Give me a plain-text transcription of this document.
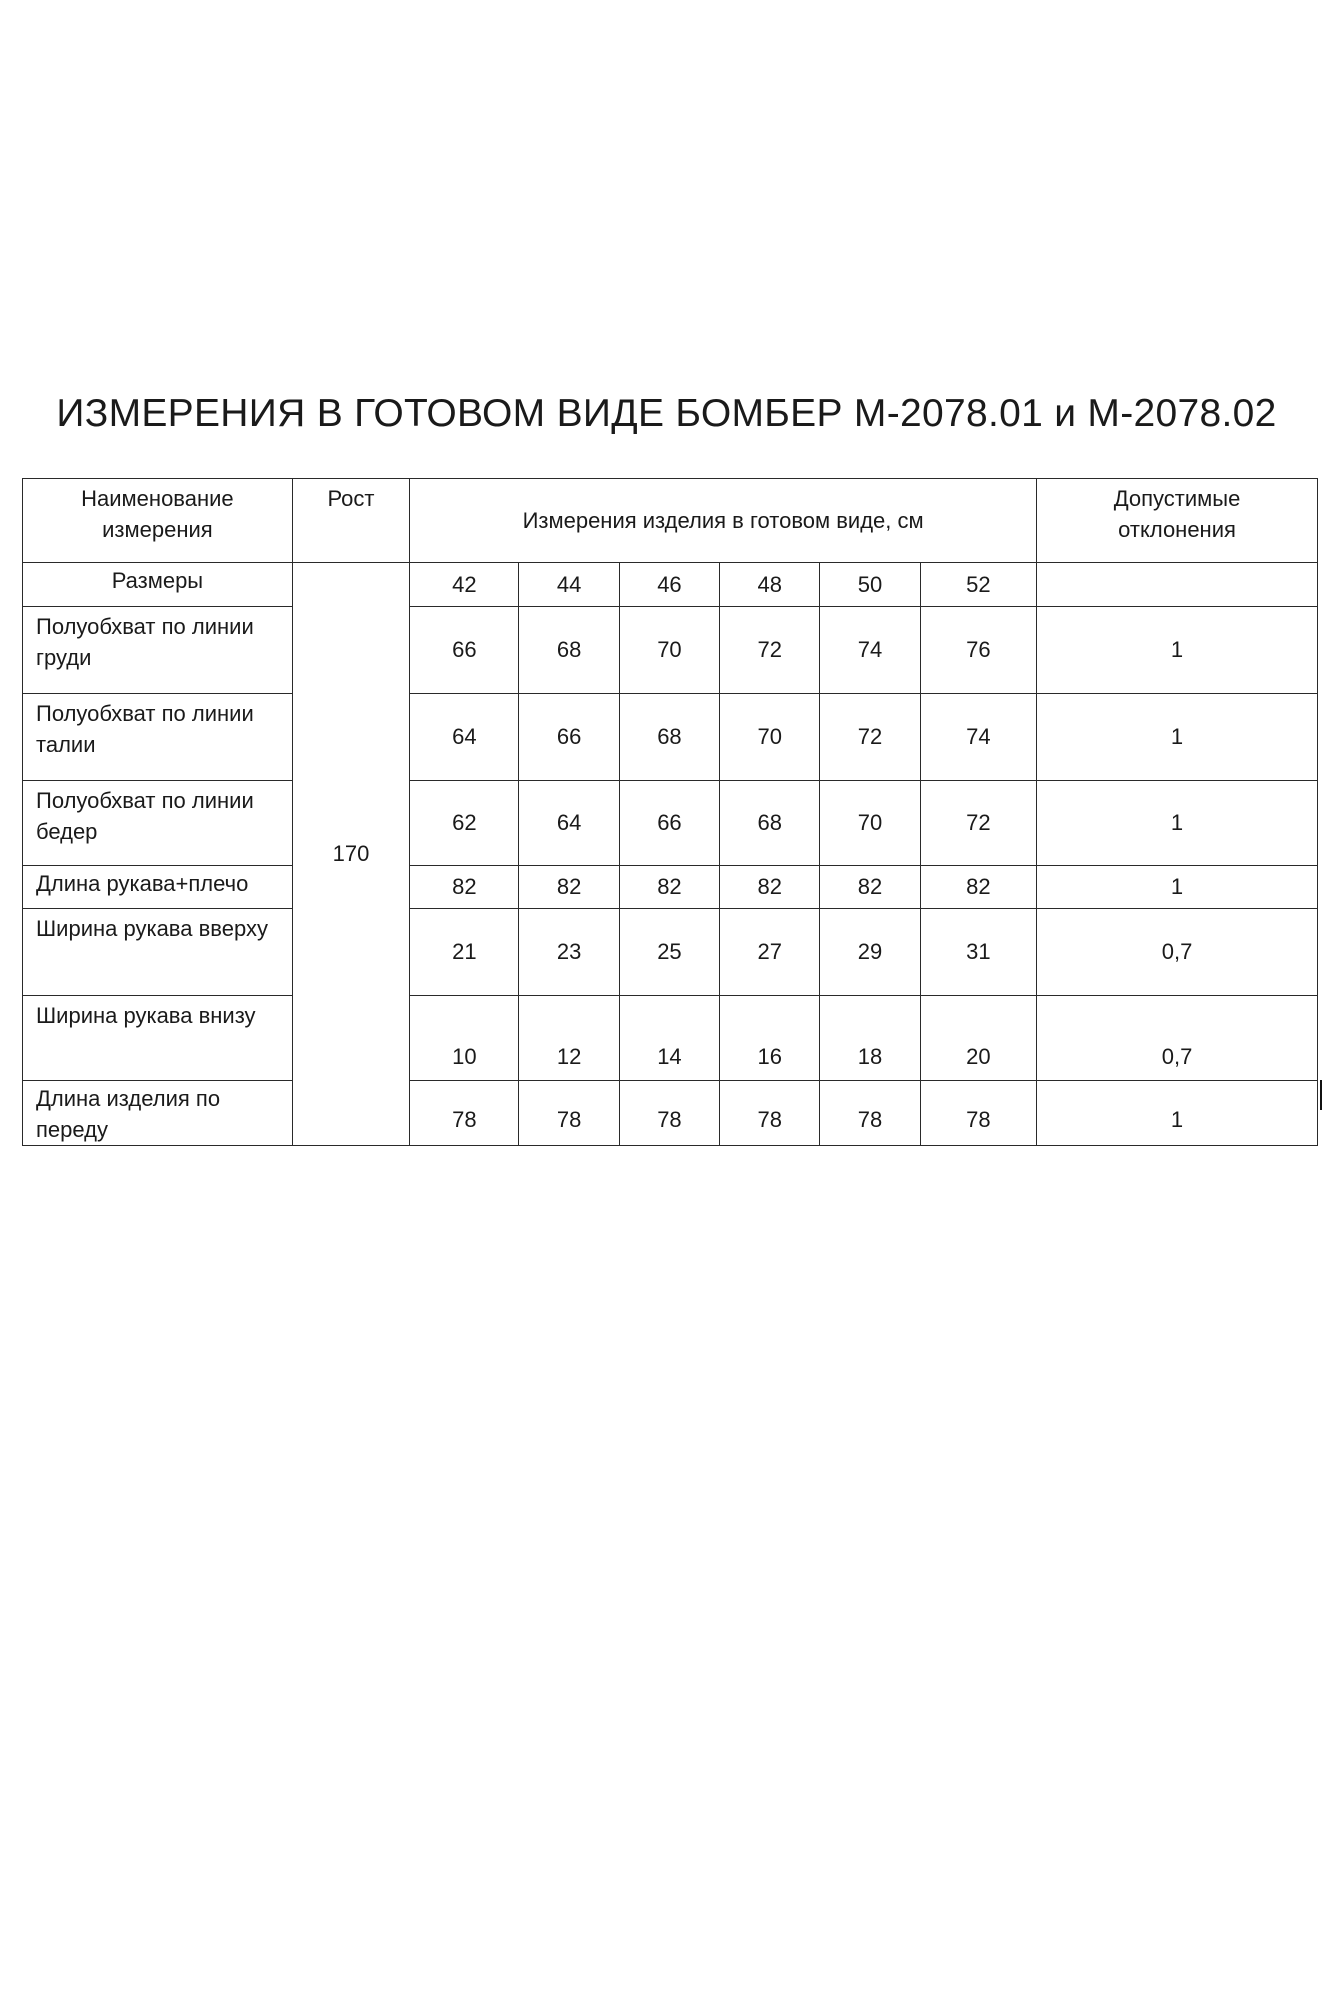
ИЗМЕРЕНИЯ В ГОТОВОМ ВИДЕ БОМБЕР М-2078.01 и М-2078.02
Наименование измерения	Рост	Измерения изделия в готовом виде, см						Допустимые отклонения
Размеры	170	42	44	46	48	50	52	
Полуобхват по линии груди		66	68	70	72	74	76	1
Полуобхват по линии талии		64	66	68	70	72	74	1
Полуобхват по линии бедер		62	64	66	68	70	72	1
Длина рукава+плечо		82	82	82	82	82	82	1
Ширина рукава вверху		21	23	25	27	29	31	0,7
Ширина рукава внизу		10	12	14	16	18	20	0,7
Длина изделия по переду		78	78	78	78	78	78	1
